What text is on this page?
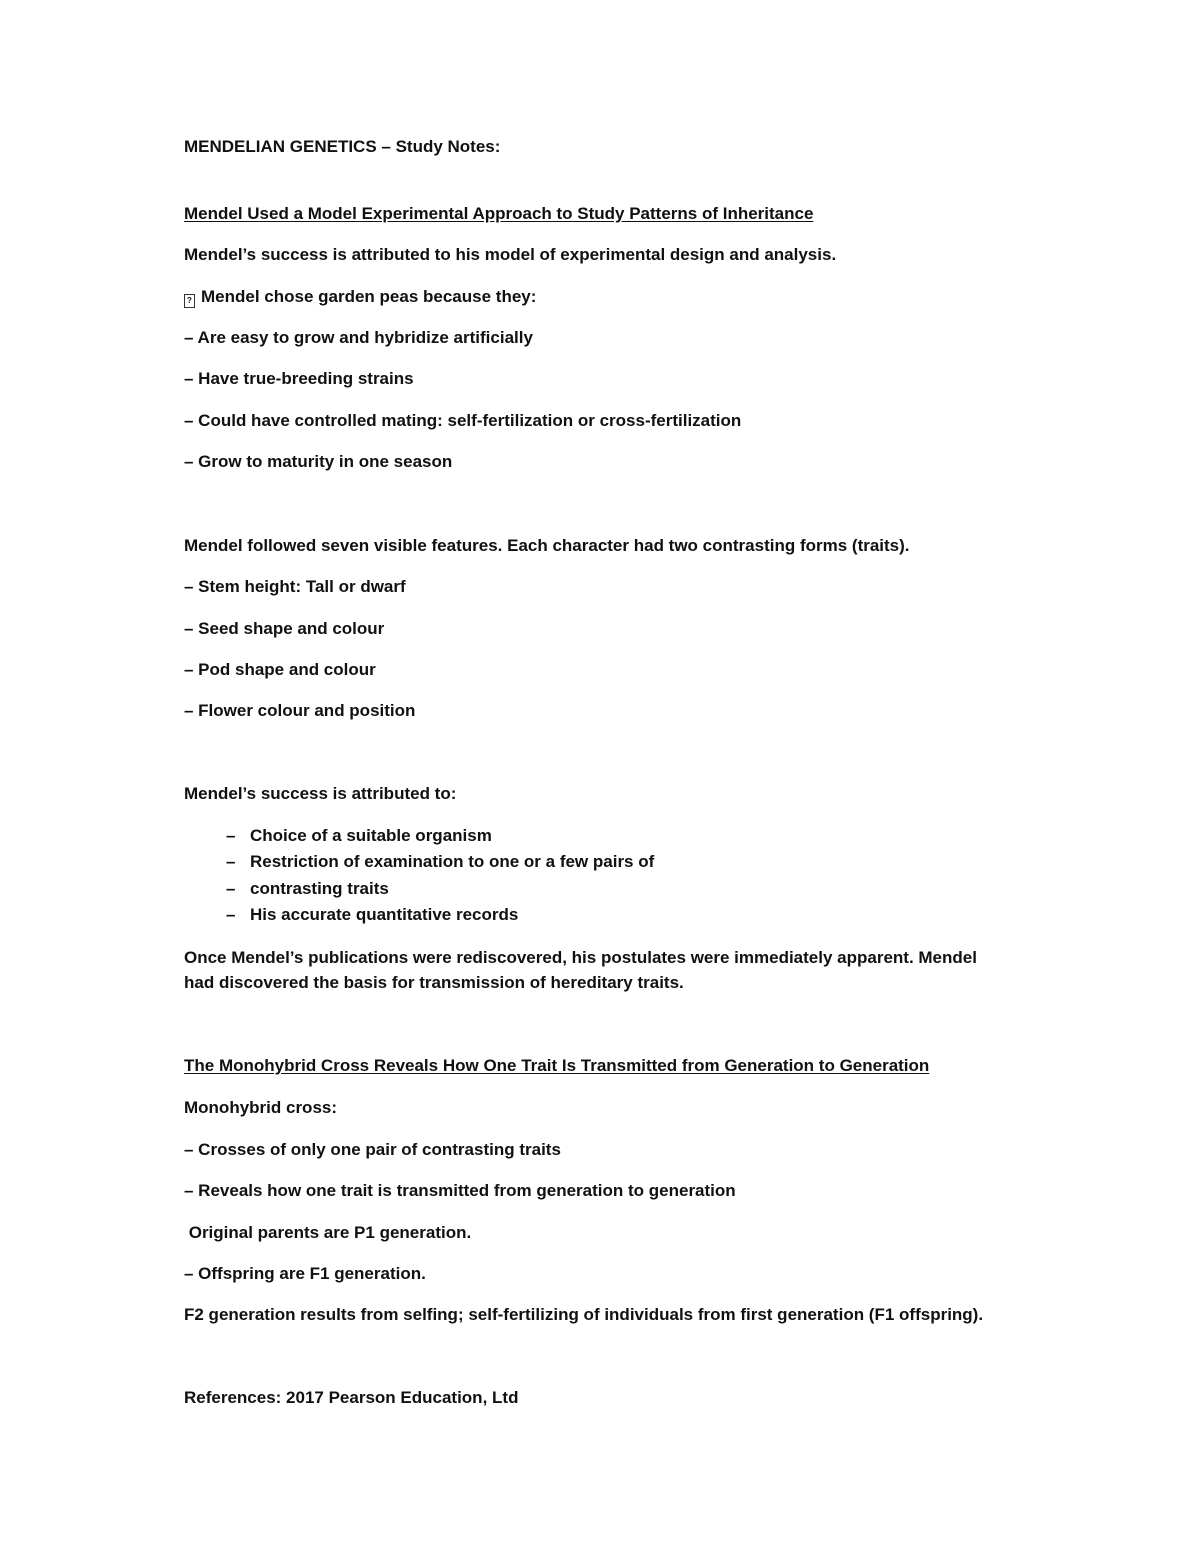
MENDELIAN GENETICS – Study Notes:
Mendel Used a Model Experimental Approach to Study Patterns of Inheritance
Mendel’s success is attributed to his model of experimental design and analysis.
? Mendel chose garden peas because they:
– Are easy to grow and hybridize artificially
– Have true-breeding strains
– Could have controlled mating: self-fertilization or cross-fertilization
– Grow to maturity in one season
Mendel followed seven visible features. Each character had two contrasting forms (traits).
– Stem height: Tall or dwarf
– Seed shape and colour
– Pod shape and colour
– Flower colour and position
Mendel’s success is attributed to:
– Choice of a suitable organism
– Restriction of examination to one or a few pairs of
– contrasting traits
– His accurate quantitative records
Once Mendel’s publications were rediscovered, his postulates were immediately apparent. Mendel
had discovered the basis for transmission of hereditary traits.
The Monohybrid Cross Reveals How One Trait Is Transmitted from Generation to Generation
Monohybrid cross:
– Crosses of only one pair of contrasting traits
– Reveals how one trait is transmitted from generation to generation
Original parents are P1 generation.
– Offspring are F1 generation.
F2 generation results from selfing; self-fertilizing of individuals from first generation (F1 offspring).
References: 2017 Pearson Education, Ltd
